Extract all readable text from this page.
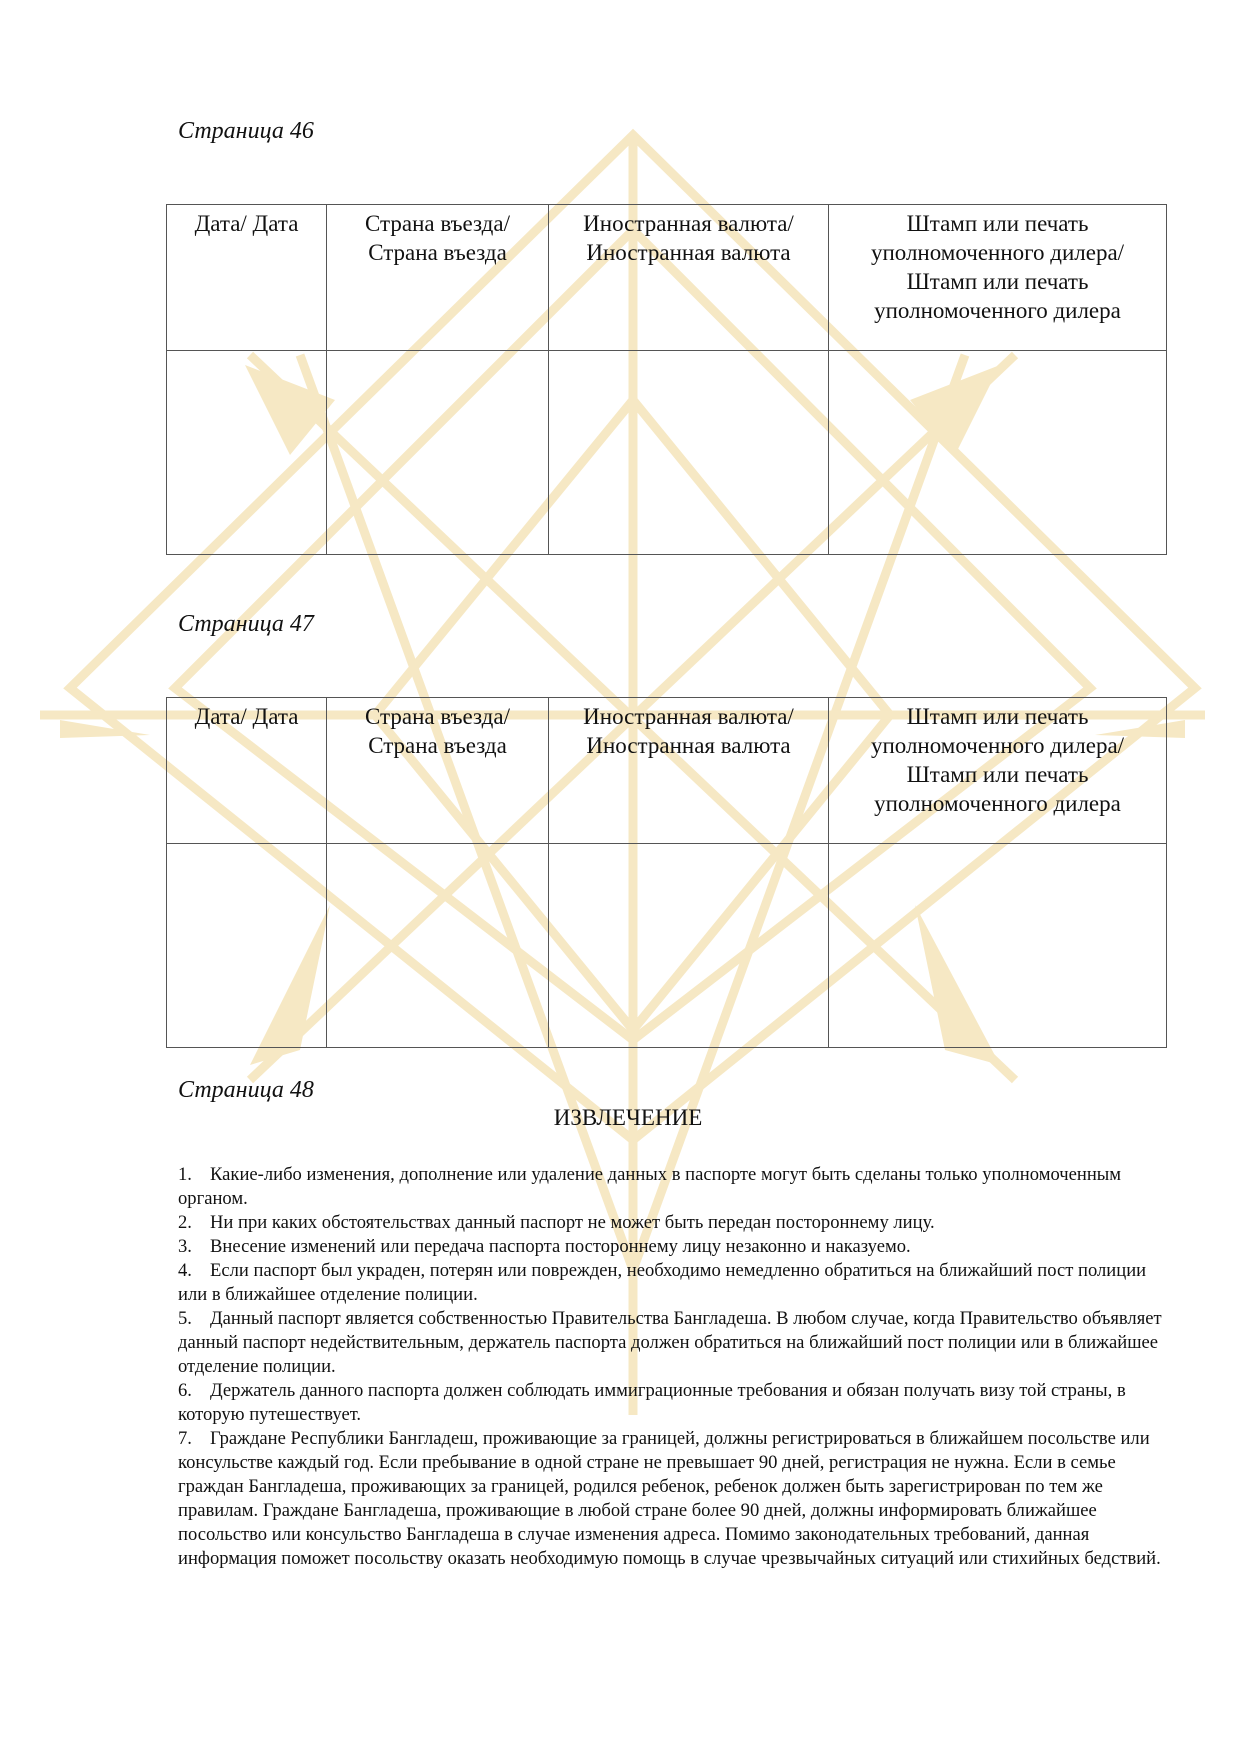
Страница 46
Дата/ Дата	Страна въезда/ Страна въезда	Иностранная валюта/ Иностранная валюта	Штамп или печать уполномоченного дилера/ Штамп или печать уполномоченного дилера

Страница 47
Дата/ Дата	Страна въезда/ Страна въезда	Иностранная валюта/ Иностранная валюта	Штамп или печать уполномоченного дилера/ Штамп или печать уполномоченного дилера

Страница 48
ИЗВЛЕЧЕНИЕ

1. Какие-либо изменения, дополнение или удаление данных в паспорте могут быть сделаны только уполномоченным органом.

2. Ни при каких обстоятельствах данный паспорт не может быть передан постороннему лицу.

3. Внесение изменений или передача паспорта постороннему лицу незаконно и наказуемо.

4. Если паспорт был украден, потерян или поврежден, необходимо немедленно обратиться на ближайший пост полиции или в ближайшее отделение полиции.

5. Данный паспорт является собственностью Правительства Бангладеша. В любом случае, когда Правительство объявляет данный паспорт недействительным, держатель паспорта должен обратиться на ближайший пост полиции или в ближайшее отделение полиции.

6. Держатель данного паспорта должен соблюдать иммиграционные требования и обязан получать визу той страны, в которую путешествует.

7. Граждане Республики Бангладеш, проживающие за границей, должны регистрироваться в ближайшем посольстве или консульстве каждый год. Если пребывание в одной стране не превышает 90 дней, регистрация не нужна. Если в семье граждан Бангладеша, проживающих за границей, родился ребенок, ребенок должен быть зарегистрирован по тем же правилам. Граждане Бангладеша, проживающие в любой стране более 90 дней, должны информировать ближайшее посольство или консульство Бангладеша в случае изменения адреса. Помимо законодательных требований, данная информация поможет посольству оказать необходимую помощь в случае чрезвычайных ситуаций или стихийных бедствий.
